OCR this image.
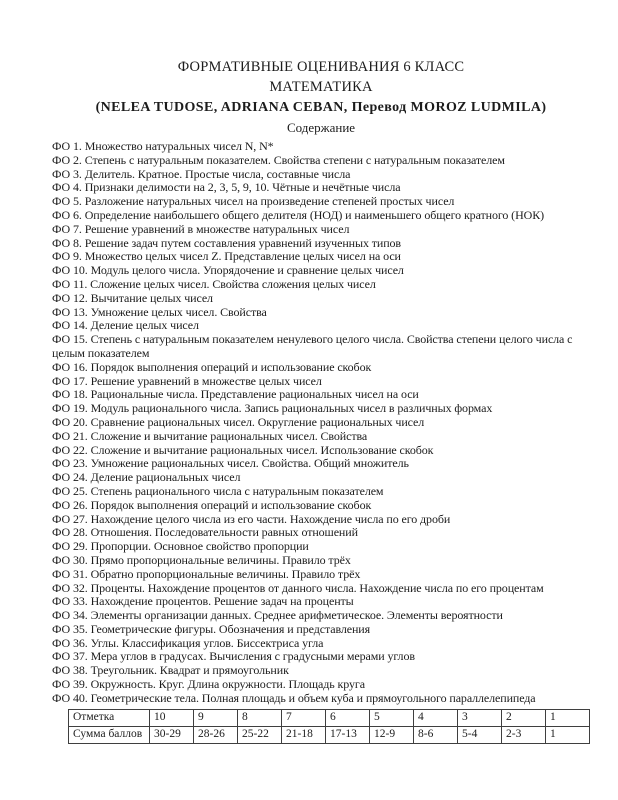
ФОРМАТИВНЫЕ ОЦЕНИВАНИЯ 6 КЛАСС
МАТЕМАТИКА
(NELEA TUDOSE, ADRIANA CEBAN, Перевод MOROZ LUDMILA)
Содержание

ФО 1. Множество натуральных чисел N, N*

ФО 2. Степень с натуральным показателем. Свойства степени с натуральным показателем

ФО 3. Делитель. Кратное. Простые числа, составные числа

ФО 4. Признаки делимости на 2, 3, 5, 9, 10. Чётные и нечётные числа

ФО 5. Разложение натуральных чисел на произведение степеней простых чисел

ФО 6. Определение наибольшего общего делителя (НОД) и наименьшего общего кратного (НОК)

ФО 7. Решение уравнений в множестве натуральных чисел

ФО 8. Решение задач путем составления уравнений изученных типов

ФО 9. Множество целых чисел Z. Представление целых чисел на оси

ФО 10. Модуль целого числа. Упорядочение и сравнение целых чисел

ФО 11. Сложение целых чисел. Свойства сложения целых чисел

ФО 12. Вычитание целых чисел

ФО 13. Умножение целых чисел. Свойства

ФО 14. Деление целых чисел

ФО 15. Степень с натуральным показателем ненулевого целого числа. Свойства степени целого числа с целым показателем

ФО 16. Порядок выполнения операций и использование скобок

ФО 17. Решение уравнений в множестве целых чисел

ФО 18. Рациональные числа. Представление рациональных чисел на оси

ФО 19. Модуль рационального числа. Запись рациональных чисел в различных формах

ФО 20. Сравнение рациональных чисел. Округление рациональных чисел

ФО 21. Сложение и вычитание рациональных чисел. Свойства

ФО 22. Сложение и вычитание рациональных чисел. Использование скобок

ФО 23. Умножение рациональных чисел. Свойства. Общий множитель

ФО 24. Деление рациональных чисел

ФО 25. Степень рационального числа с натуральным показателем

ФО 26. Порядок выполнения операций и использование скобок

ФО 27. Нахождение целого числа из его части. Нахождение числа по его дроби

ФО 28. Отношения. Последовательности равных отношений

ФО 29. Пропорции. Основное свойство пропорции

ФО 30. Прямо пропорциональные величины. Правило трёх

ФО 31. Обратно пропорциональные величины. Правило трёх

ФО 32. Проценты. Нахождение процентов от данного числа. Нахождение числа по его процентам

ФО 33. Нахождение процентов. Решение задач на проценты

ФО 34. Элементы организации данных. Среднее арифметическое. Элементы вероятности

ФО 35. Геометрические фигуры. Обозначения и представления

ФО 36. Углы. Классификация углов. Биссектриса угла

ФО 37. Мера углов в градусах. Вычисления с градусными мерами углов

ФО 38. Треугольник. Квадрат и прямоугольник

ФО 39. Окружность. Круг. Длина окружности. Площадь круга

ФО 40. Геометрические тела. Полная площадь и объем куба и прямоугольного параллелепипеда

Отметка	10	9	8	7	6	5	4	3	2	1
Сумма баллов	30-29	28-26	25-22	21-18	17-13	12-9	8-6	5-4	2-3	1
